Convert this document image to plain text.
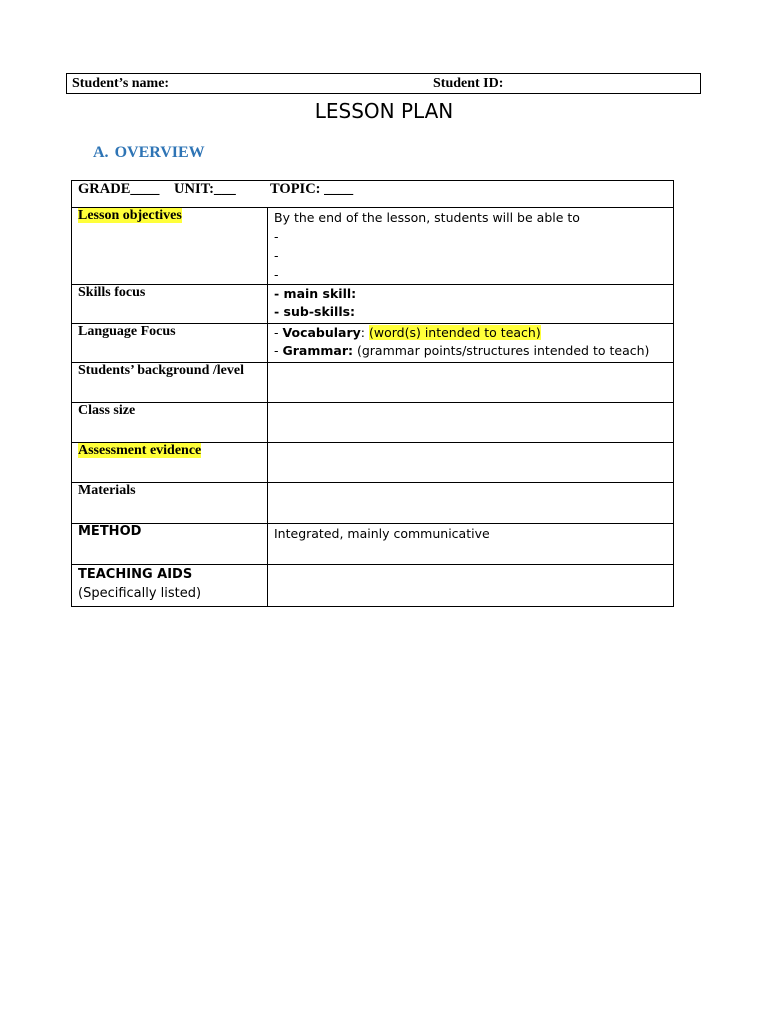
Student’s name:	Student ID:
LESSON PLAN
A. OVERVIEW
GRADE____ UNIT:___ TOPIC: ____	
Lesson objectives	By the end of the lesson, students will be able to
-
-
-

Skills focus	- main skill:
- sub-skills:

Language Focus	- Vocabulary: (word(s) intended to teach)
- Grammar: (grammar points/structures intended to teach)

Students’ background /level	
Class size	
Assessment evidence	
Materials	
METHOD	Integrated, mainly communicative

TEACHING AIDS
(Specifically listed)	
